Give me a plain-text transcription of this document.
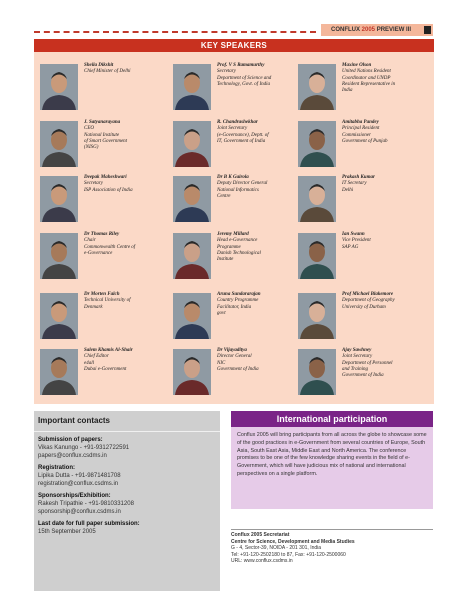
CONFLUX 2005 PREVIEW III
KEY SPEAKERS
Sheila Dikshit
Chief Minister of Delhi
Prof. V S Ramamurthy
Secretary
Department of Science and
Technology, Govt. of India
Maxine Olson
United Nations Resident
Coordinator and UNDP
Resident Representative in
India
J. Satyanarayana
CEO
National Institute
of Smart Government
(NISG)
R. Chandrashekhar
Joint Secretary
(e-Governance), Deptt. of
IT, Government of India
Amitabha Pandey
Principal Resident
Commissioner
Government of Punjab
Deepak Maheshwari
Secretary
ISP Association of India
Dr B K Gairola
Deputy Director General
National Informatics
Centre
Prakash Kumar
IT Secretary
Delhi
Dr Thomas Riley
Chair
Commonwealth Centre of
e-Governance
Jeremy Millard
Head e-Governance
Programme
Danish Technological
Institute
Ian Swann
Vice President
SAP AG
Dr Morten Falch
Technical University of
Denmark
Aruna Sundararajan
Country Programme
Facilitator, India
govt
Prof Michael Blakemore
Department of Geography
University of Durham
Salem Khamis Al-Shair
Chief Editor
e4all
Dubai e-Government
Dr Vijayaditya
Director General
NIC
Government of India
Ajay Sawhney
Joint Secretary
Department of Personnel
and Training
Government of India
Important contacts
Submission of papers:
Vikas Kanungo - +91-9312722591
papers@conflux.csdms.in
Registration:
Lipika Dutta - +91-9871481708
registration@conflux.csdms.in
Sponsorships/Exhibition:
Rakesh Tripathie - +91-9810331208
sponsorship@conflux.csdms.in
Last date for full paper submission:
15th September 2005
International participation
Conflux 2005 will bring participants from all across the globe to showcase some of the good practices in e-Government from several countries of Europe, South Asia, South East Asia, Middle East and North America. The conference promises to be one of the few knowledge sharing events in the field of e-Government, which will have judicious mix of national and international perspectives on a single platform.
Conflux 2005 Secretariat
Centre for Science, Development and Media Studies
G - 4, Sector-39, NOIDA - 201 301, India
Tel: +91-120-2502180 to 87, Fax: +91-120-2500060
URL: www.conflux.csdms.in
